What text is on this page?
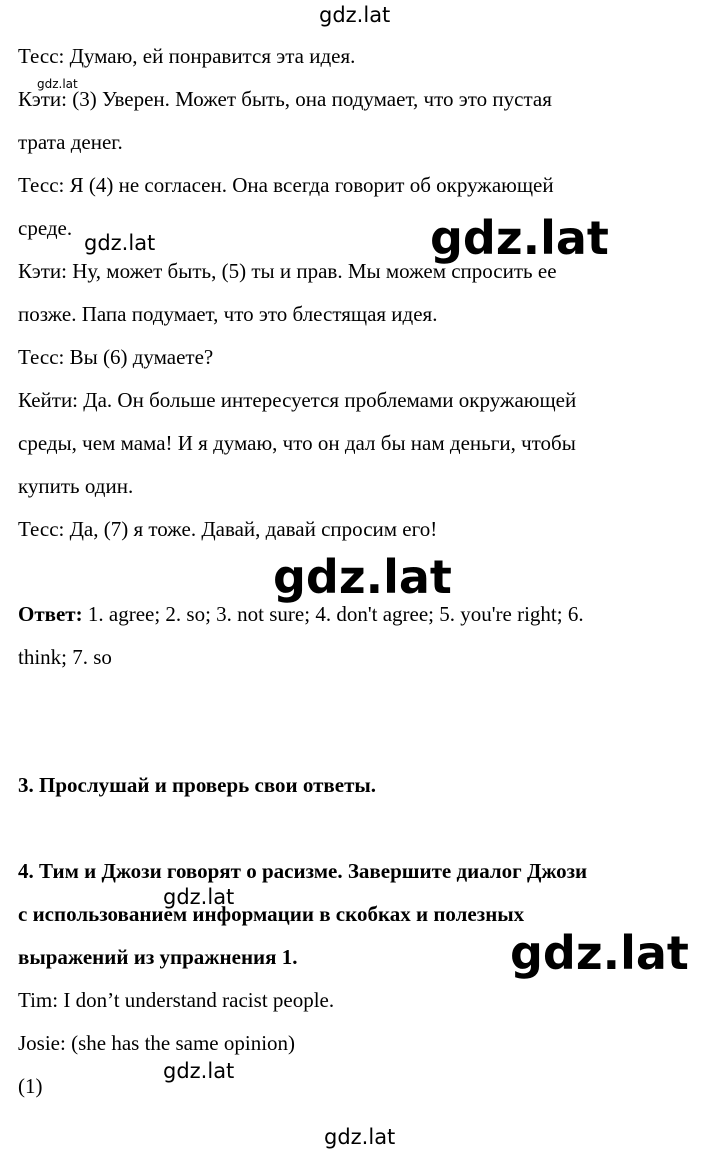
gdz.lat
gdz.lat
gdz.lat	gdz.lat
gdz.lat
gdz.lat
gdz.lat
gdz.lat
gdz.lat
Тесс: Думаю, ей понравится эта идея.
Кэти: (3) Уверен. Может быть, она подумает, что это пустая
трата денег.
Тесс: Я (4) не согласен. Она всегда говорит об окружающей
среде.
Кэти: Ну, может быть, (5) ты и прав. Мы можем спросить ее
позже. Папа подумает, что это блестящая идея.
Тесс: Вы (6) думаете?
Кейти: Да. Он больше интересуется проблемами окружающей
среды, чем мама! И я думаю, что он дал бы нам деньги, чтобы
купить один.
Тесс: Да, (7) я тоже. Давай, давай спросим его!
Ответ: 1. agree; 2. so; 3. not sure; 4. don't agree; 5. you're right; 6.
think; 7. so
3. Прослушай и проверь свои ответы.
4. Тим и Джози говорят о расизме. Завершите диалог Джози
с использованием информации в скобках и полезных
выражений из упражнения 1.
Tim: I don’t understand racist people.
Josie: (she has the same opinion)
(1)
